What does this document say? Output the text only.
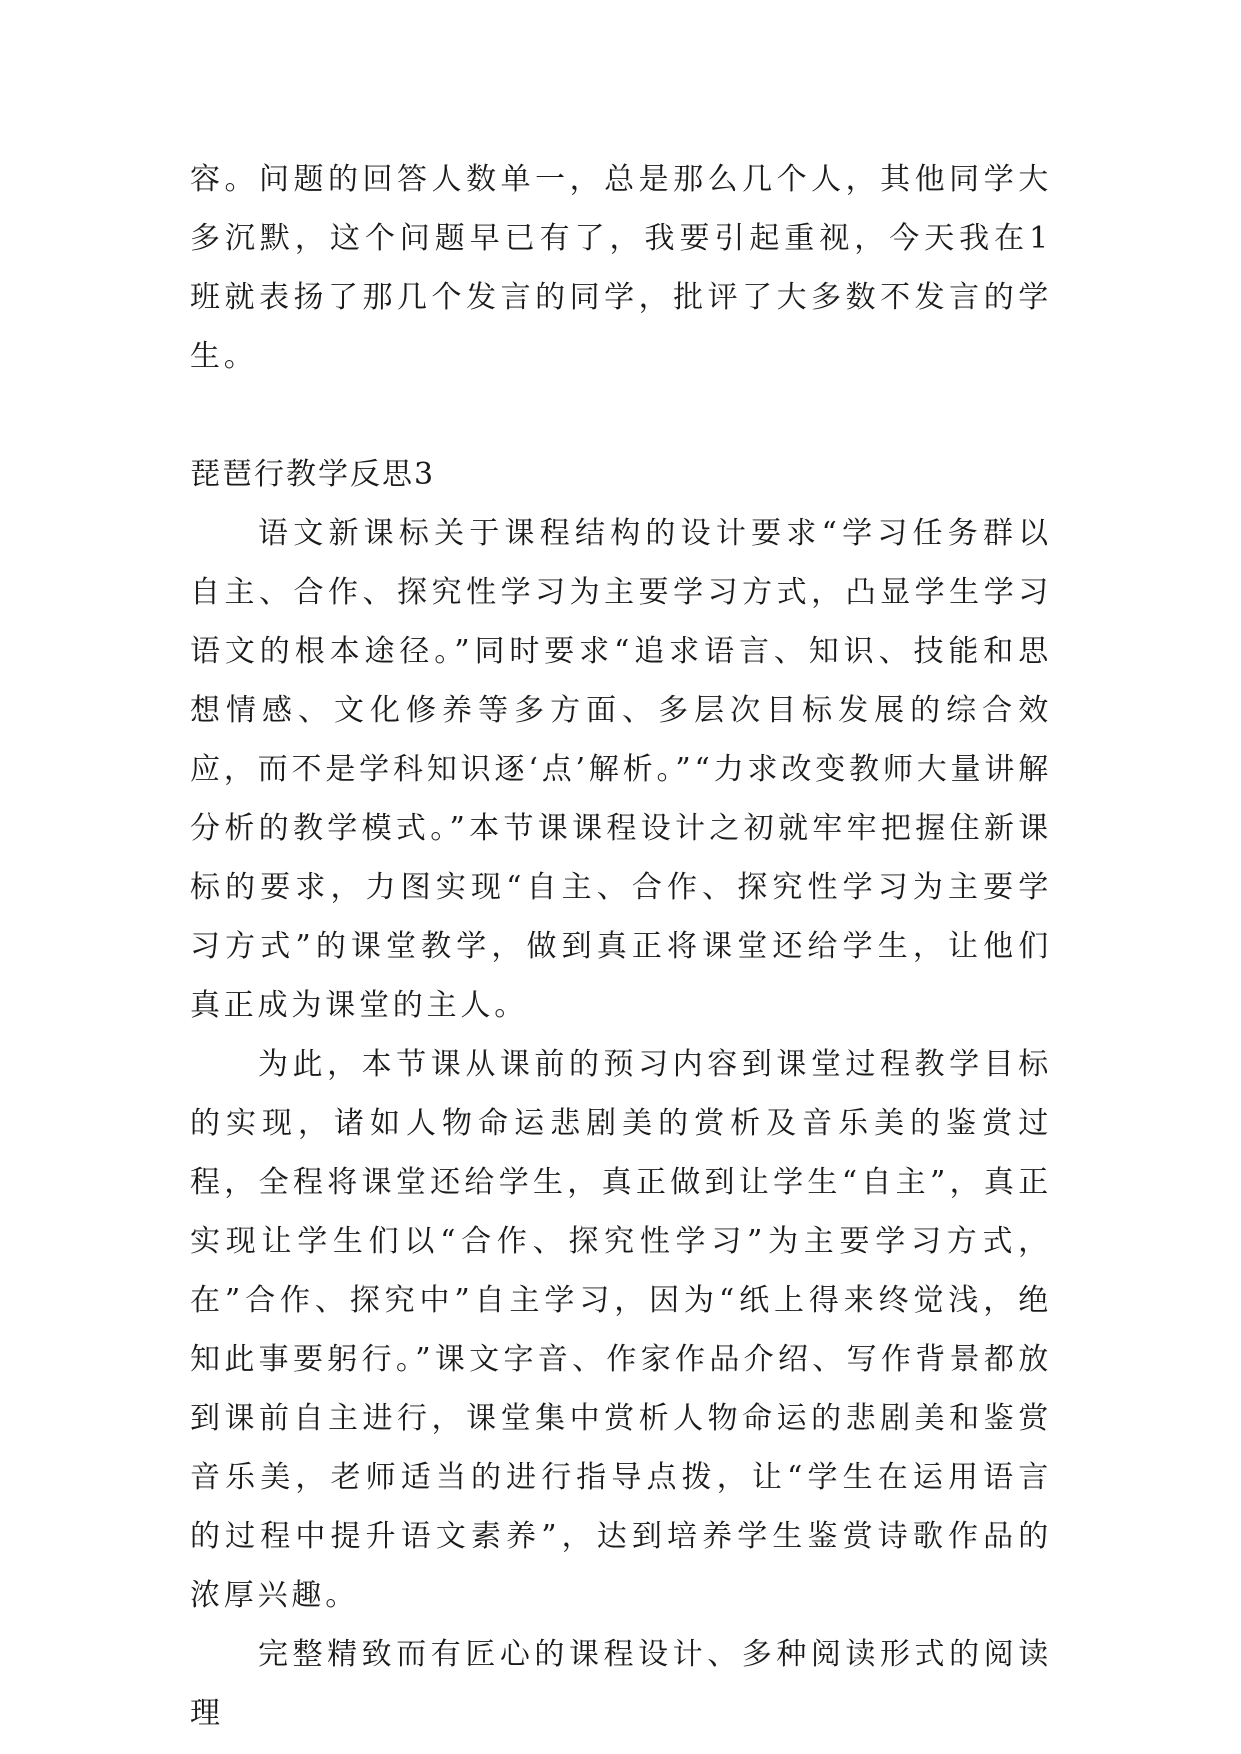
容。问题的回答人数单一，总是那么几个人，其他同学大多沉默，这个问题早已有了，我要引起重视，今天我在1班就表扬了那几个发言的同学，批评了大多数不发言的学生。

琵琶行教学反思3

语文新课标关于课程结构的设计要求“学习任务群以自主、合作、探究性学习为主要学习方式，凸显学生学习语文的根本途径。”同时要求“追求语言、知识、技能和思想情感、文化修养等多方面、多层次目标发展的综合效应，而不是学科知识逐‘点’解析。”“力求改变教师大量讲解分析的教学模式。”本节课课程设计之初就牢牢把握住新课标的要求，力图实现“自主、合作、探究性学习为主要学习方式”的课堂教学，做到真正将课堂还给学生，让他们真正成为课堂的主人。

为此，本节课从课前的预习内容到课堂过程教学目标的实现，诸如人物命运悲剧美的赏析及音乐美的鉴赏过程，全程将课堂还给学生，真正做到让学生“自主”，真正实现让学生们以“合作、探究性学习”为主要学习方式，在”合作、探究中”自主学习，因为“纸上得来终觉浅，绝知此事要躬行。”课文字音、作家作品介绍、写作背景都放到课前自主进行，课堂集中赏析人物命运的悲剧美和鉴赏音乐美，老师适当的进行指导点拨，让“学生在运用语言的过程中提升语文素养”，达到培养学生鉴赏诗歌作品的浓厚兴趣。

完整精致而有匠心的课程设计、多种阅读形式的阅读理
